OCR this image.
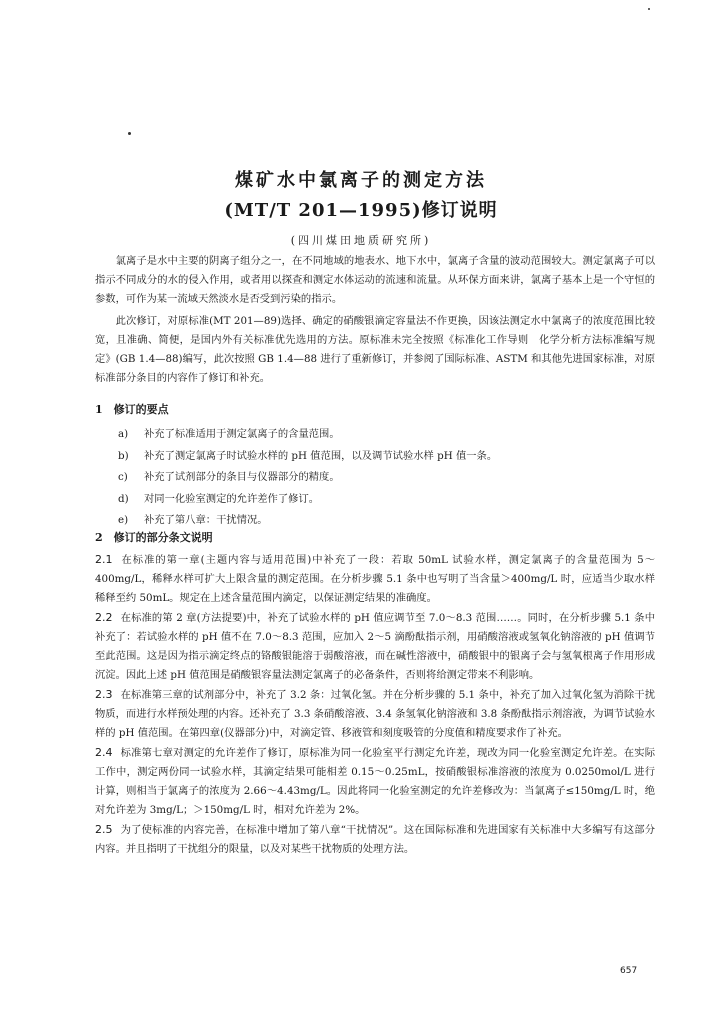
煤矿水中氯离子的测定方法
(MT/T 201—1995)修订说明
(四川煤田地质研究所)
氯离子是水中主要的阴离子组分之一，在不同地域的地表水、地下水中，氯离子含量的波动范围较大。测定氯离子可以指示不同成分的水的侵入作用，或者用以探查和测定水体运动的流速和流量。从环保方面来讲，氯离子基本上是一个守恒的参数，可作为某一流域天然淡水是否受到污染的指示。
此次修订，对原标准(MT 201—89)选择、确定的硝酸银滴定容量法不作更换，因该法测定水中氯离子的浓度范围比较宽，且准确、简便，是国内外有关标准优先选用的方法。原标准未完全按照《标准化工作导则　化学分析方法标准编写规定》(GB 1.4—88)编写，此次按照 GB 1.4—88 进行了重新修订，并参阅了国际标准、ASTM 和其他先进国家标准，对原标准部分条目的内容作了修订和补充。
1　修订的要点
a) 补充了标准适用于测定氯离子的含量范围。
b) 补充了测定氯离子时试验水样的 pH 值范围，以及调节试验水样 pH 值一条。
c) 补充了试剂部分的条目与仪器部分的精度。
d) 对同一化验室测定的允许差作了修订。
e) 补充了第八章：干扰情况。
2　修订的部分条文说明
2.1 在标准的第一章(主题内容与适用范围)中补充了一段：若取 50mL 试验水样，测定氯离子的含量范围为 5～400mg/L，稀释水样可扩大上限含量的测定范围。在分析步骤 5.1 条中也写明了当含量＞400mg/L 时，应适当少取水样稀释至约 50mL。规定在上述含量范围内滴定，以保证测定结果的准确度。
2.2 在标准的第 2 章(方法提要)中，补充了试验水样的 pH 值应调节至 7.0～8.3 范围……。同时，在分析步骤 5.1 条中补充了：若试验水样的 pH 值不在 7.0～8.3 范围，应加入 2～5 滴酚酞指示剂，用硝酸溶液或氢氧化钠溶液的 pH 值调节至此范围。这是因为指示滴定终点的铬酸银能溶于弱酸溶液，而在碱性溶液中，硝酸银中的银离子会与氢氧根离子作用形成沉淀。因此上述 pH 值范围是硝酸银容量法测定氯离子的必备条件，否则将给测定带来不利影响。
2.3 在标准第三章的试剂部分中，补充了 3.2 条：过氧化氢。并在分析步骤的 5.1 条中，补充了加入过氧化氢为消除干扰物质，而进行水样预处理的内容。还补充了 3.3 条硝酸溶液、3.4 条氢氧化钠溶液和 3.8 条酚酞指示剂溶液，为调节试验水样的 pH 值范围。在第四章(仪器部分)中，对滴定管、移液管和刻度吸管的分度值和精度要求作了补充。
2.4 标准第七章对测定的允许差作了修订，原标准为同一化验室平行测定允许差，现改为同一化验室测定允许差。在实际工作中，测定两份同一试验水样，其滴定结果可能相差 0.15～0.25mL，按硝酸银标准溶液的浓度为 0.0250mol/L 进行计算，则相当于氯离子的浓度为 2.66～4.43mg/L。因此将同一化验室测定的允许差修改为：当氯离子≤150mg/L 时，绝对允许差为 3mg/L；＞150mg/L 时，相对允许差为 2%。
2.5 为了使标准的内容完善，在标准中增加了第八章“干扰情况”。这在国际标准和先进国家有关标准中大多编写有这部分内容。并且指明了干扰组分的限量，以及对某些干扰物质的处理方法。
657
